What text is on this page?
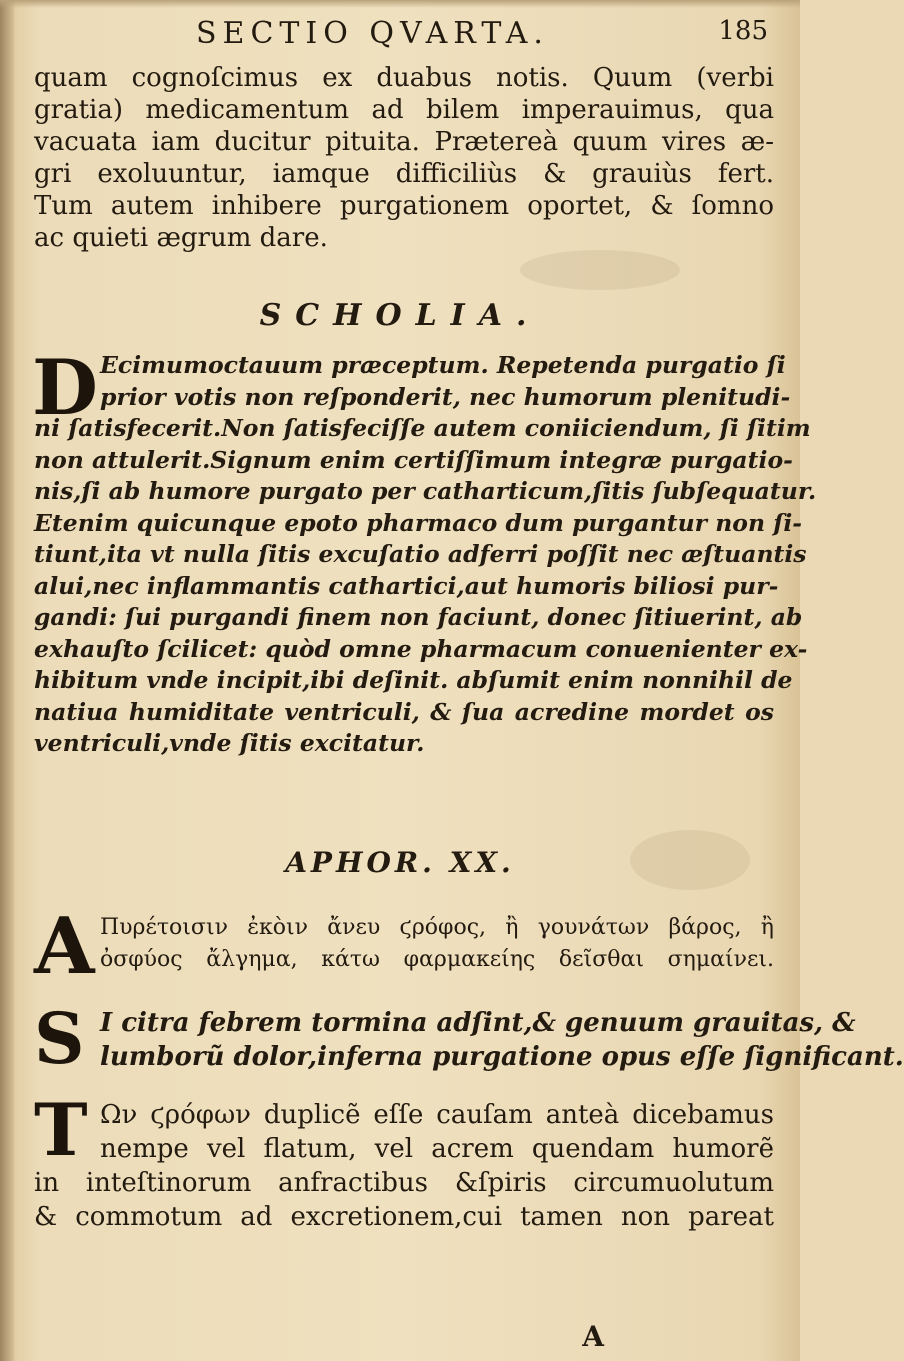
SECTIO QVARTA.	185
quam cognoſcimus ex duabus notis. Quum (verbi
gratia) medicamentum ad bilem imperauimus, qua
vacuata iam ducitur pituita. Prætereà quum vires æ-
gri exoluuntur, iamque difficiliùs & grauiùs fert.
Tum autem inhibere purgationem oportet, & ſomno
ac quieti ægrum dare.
SCHOLIA.
D Ecimumoctauum præceptum. Repetenda purgatio ſi
prior votis non reſponderit, nec humorum plenitudi-
ni ſatisfecerit.Non ſatisfeciſſe autem coniiciendum, ſi ſitim
non attulerit.Signum enim certiſſimum integræ purgatio-
nis,ſi ab humore purgato per catharticum,ſitis ſubſequatur.
Etenim quicunque epoto pharmaco dum purgantur non ſi-
tiunt,ita vt nulla ſitis excuſatio adferri poſſit nec æſtuantis
alui,nec inflammantis cathartici,aut humoris biliosi pur-
gandi: ſui purgandi finem non faciunt, donec ſitiuerint, ab
exhauſto ſcilicet: quòd omne pharmacum conuenienter ex-
hibitum vnde incipit,ibi deſinit. abſumit enim nonnihil de
natiua humiditate ventriculi, & ſua acredine mordet os
ventriculi,vnde ſitis excitatur.
APHOR. XX.
A Πυρέτοισιν ἐκὸιν ἄνευ ϛρόφος, ἢ γουνάτων βάρος, ἢ
ὀσφύος ἄλγημα, κάτω φαρμακείης δεῖσθαι σημαίνει.
S I citra febrem tormina adſint,& genuum grauitas, &
lumborũ dolor,inferna purgatione opus eſſe ſignificant.
T Ων ϛρόφων duplicẽ eſſe cauſam anteà dicebamus
nempe vel flatum, vel acrem quendam humorẽ
in inteſtinorum anfractibus &ſpiris circumuolutum
& commotum ad excretionem,cui tamen non pareat
A
